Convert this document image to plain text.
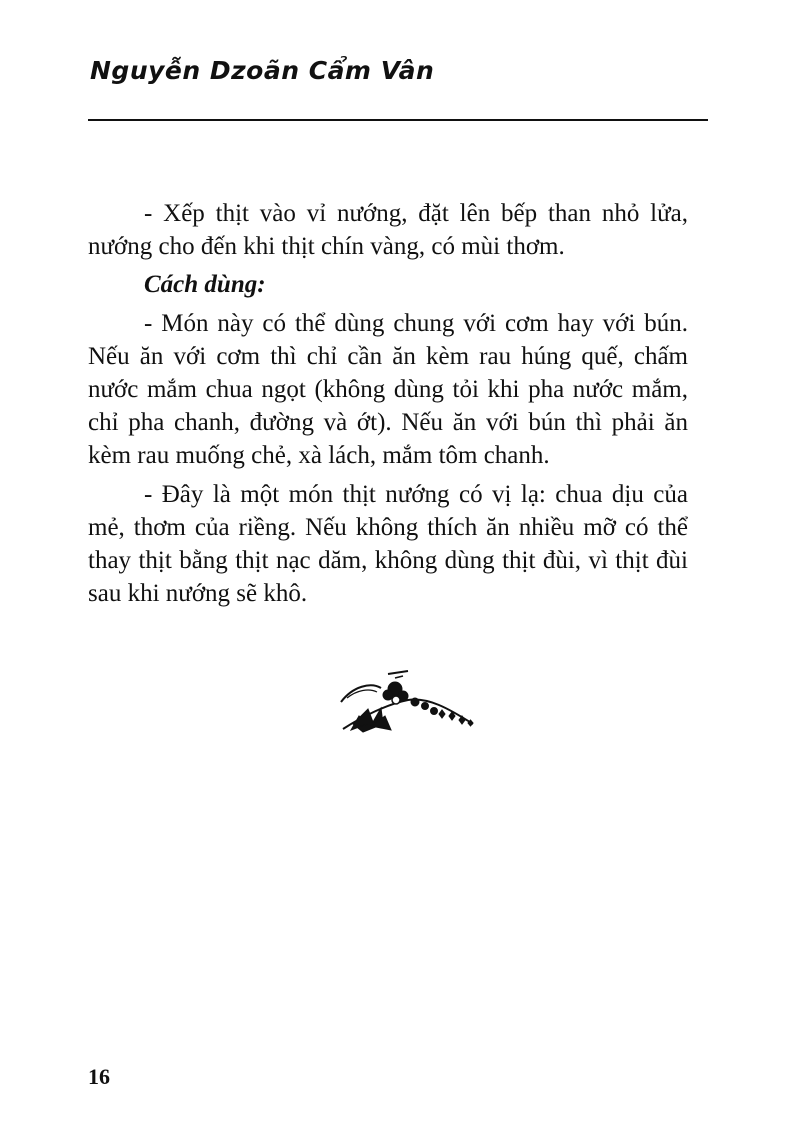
Nguyễn Dzoãn Cẩm Vân

- Xếp thịt vào vỉ nướng, đặt lên bếp than nhỏ lửa, nướng cho đến khi thịt chín vàng, có mùi thơm.

Cách dùng:

- Món này có thể dùng chung với cơm hay với bún. Nếu ăn với cơm thì chỉ cần ăn kèm rau húng quế, chấm nước mắm chua ngọt (không dùng tỏi khi pha nước mắm, chỉ pha chanh, đường và ớt). Nếu ăn với bún thì phải ăn kèm rau muống chẻ, xà lách, mắm tôm chanh.

- Đây là một món thịt nướng có vị lạ: chua dịu của mẻ, thơm của riềng. Nếu không thích ăn nhiều mỡ có thể thay thịt bằng thịt nạc dăm, không dùng thịt đùi, vì thịt đùi sau khi nướng sẽ khô.

16
